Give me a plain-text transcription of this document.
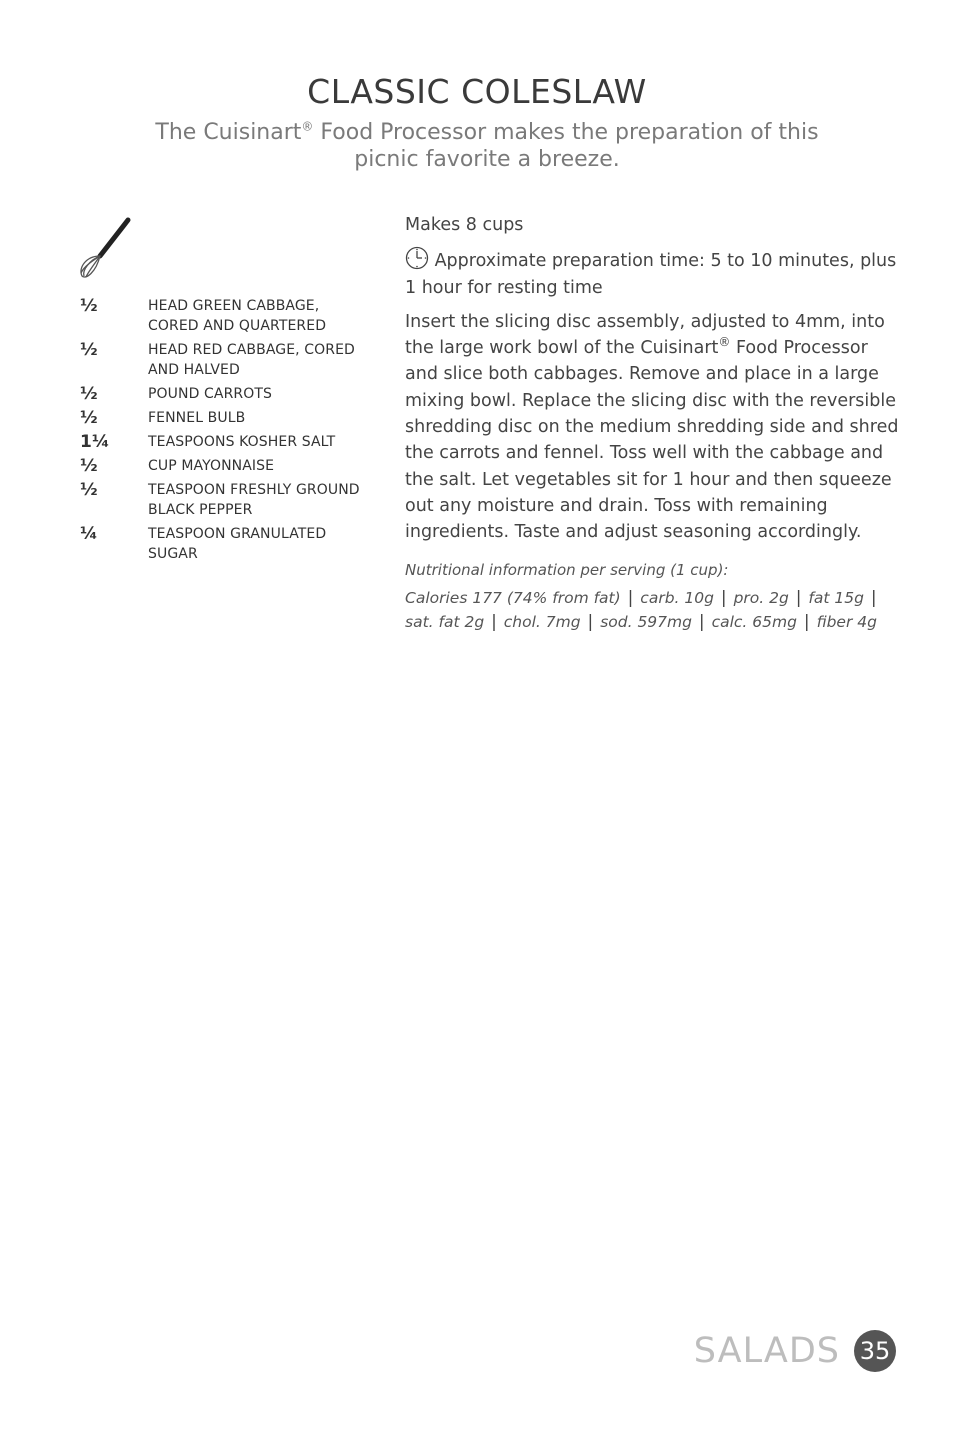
CLASSIC COLESLAW

The Cuisinart® Food Processor makes the preparation of this picnic favorite a breeze.

½	HEAD GREEN CABBAGE, CORED AND QUARTERED
½	HEAD RED CABBAGE, CORED AND HALVED
½	POUND CARROTS
½	FENNEL BULB
1¼	TEASPOONS KOSHER SALT
½	CUP MAYONNAISE
½	TEASPOON FRESHLY GROUND BLACK PEPPER
¼	TEASPOON GRANULATED SUGAR

Makes 8 cups

Approximate preparation time: 5 to 10 minutes, plus 1 hour for resting time

Insert the slicing disc assembly, adjusted to 4mm, into the large work bowl of the Cuisinart® Food Processor and slice both cabbages. Remove and place in a large mixing bowl. Replace the slicing disc with the reversible shredding disc on the medium shredding side and shred the carrots and fennel. Toss well with the cabbage and the salt. Let vegetables sit for 1 hour and then squeeze out any moisture and drain. Toss with remaining ingredients. Taste and adjust seasoning accordingly.

Nutritional information per serving (1 cup):

Calories 177 (74% from fat) | carb. 10g | pro. 2g | fat 15g |

sat. fat 2g | chol. 7mg | sod. 597mg | calc. 65mg | fiber 4g

SALADS 35
